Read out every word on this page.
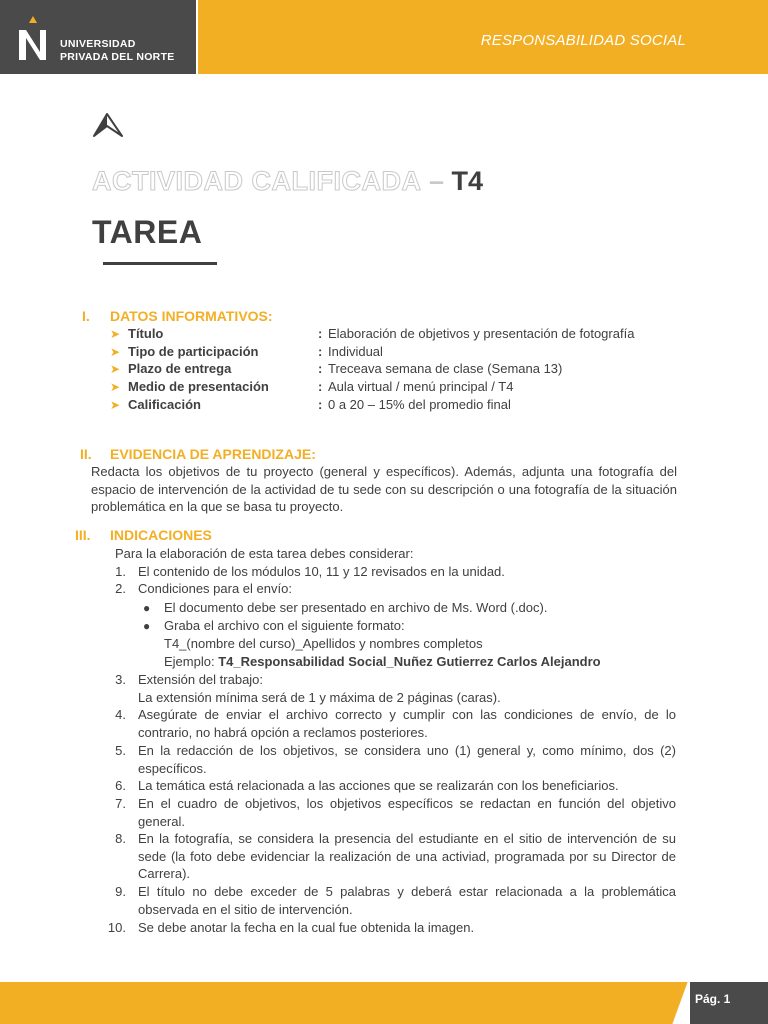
UNIVERSIDAD
PRIVADA DEL NORTE
RESPONSABILIDAD SOCIAL
ACTIVIDAD CALIFICADA – T4
TAREA
I. DATOS INFORMATIVOS:
➤ Título	: Elaboración de objetivos y presentación de fotografía
➤ Tipo de participación	: Individual
➤ Plazo de entrega	: Treceava semana de clase (Semana 13)
➤ Medio de presentación	: Aula virtual / menú principal / T4
➤ Calificación	: 0 a 20 – 15% del promedio final
II. EVIDENCIA DE APRENDIZAJE:
Redacta los objetivos de tu proyecto (general y específicos). Además, adjunta una fotografía del espacio de intervención de la actividad de tu sede con su descripción o una fotografía de la situación problemática en la que se basa tu proyecto.
III. INDICACIONES
Para la elaboración de esta tarea debes considerar:
1. El contenido de los módulos 10, 11 y 12 revisados en la unidad.
2. Condiciones para el envío:
● El documento debe ser presentado en archivo de Ms. Word (.doc).
● Graba el archivo con el siguiente formato:
T4_(nombre del curso)_Apellidos y nombres completos
Ejemplo: T4_Responsabilidad Social_Nuñez Gutierrez Carlos Alejandro
3. Extensión del trabajo:
La extensión mínima será de 1 y máxima de 2 páginas (caras).
4. Asegúrate de enviar el archivo correcto y cumplir con las condiciones de envío, de lo contrario, no habrá opción a reclamos posteriores.
5. En la redacción de los objetivos, se considera uno (1) general y, como mínimo, dos (2) específicos.
6. La temática está relacionada a las acciones que se realizarán con los beneficiarios.
7. En el cuadro de objetivos, los objetivos específicos se redactan en función del objetivo general.
8. En la fotografía, se considera la presencia del estudiante en el sitio de intervención de su sede (la foto debe evidenciar la realización de una activiad, programada por su Director de Carrera).
9. El título no debe exceder de 5 palabras y deberá estar relacionada a la problemática observada en el sitio de intervención.
10. Se debe anotar la fecha en la cual fue obtenida la imagen.
Pág. 1
